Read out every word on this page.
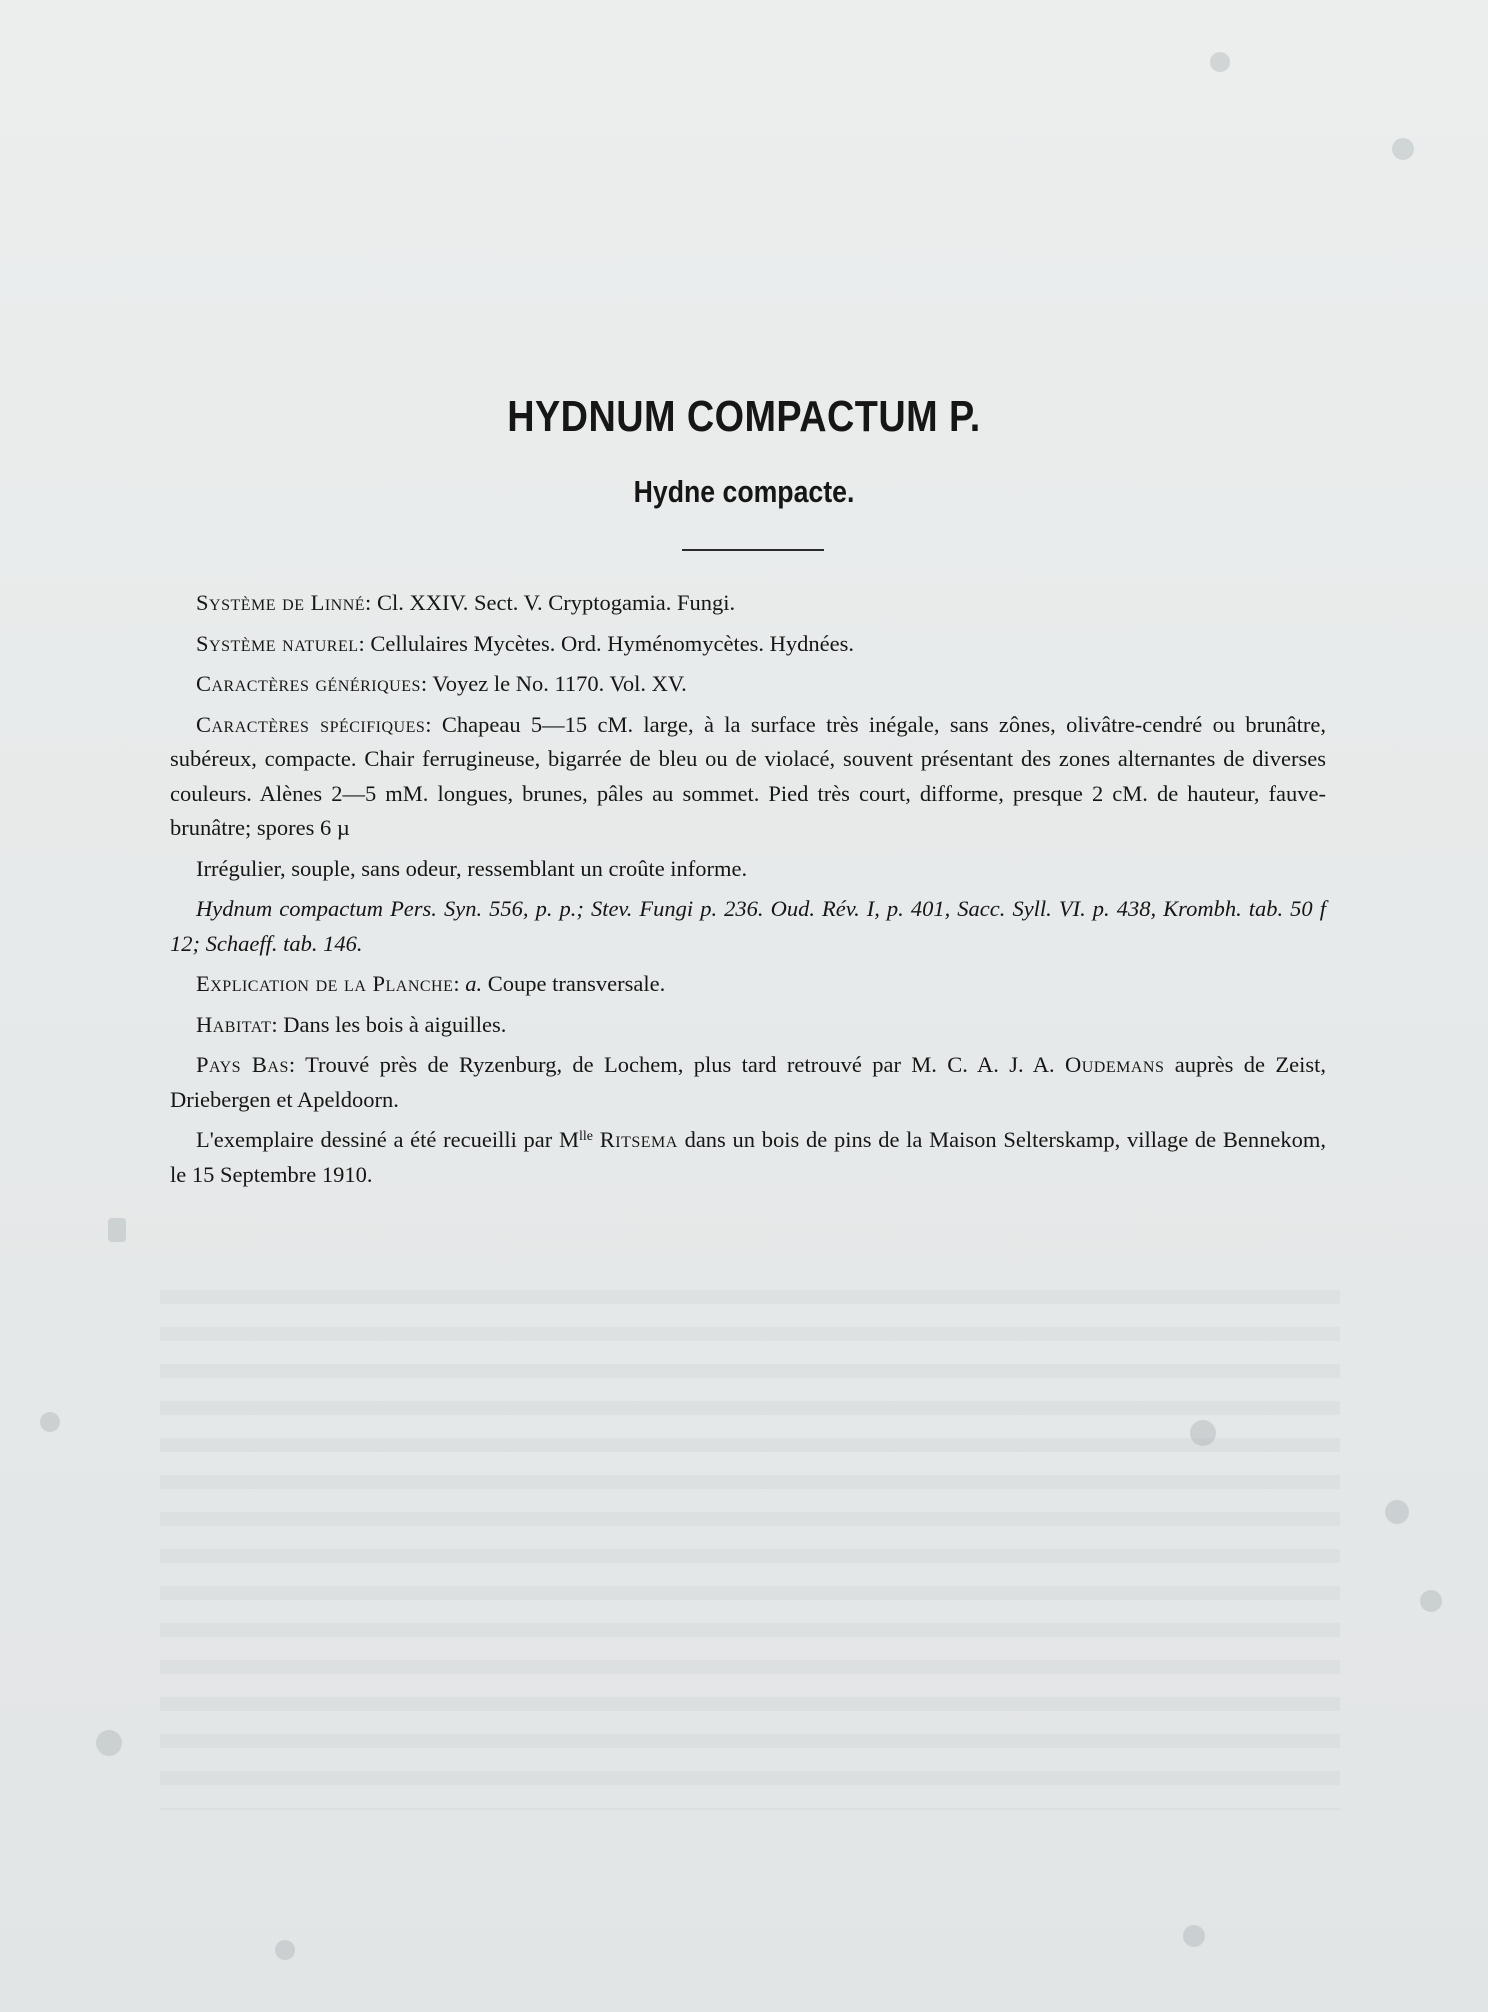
HYDNUM COMPACTUM P.
Hydne compacte.

Système de Linné: Cl. XXIV. Sect. V. Cryptogamia. Fungi.

Système naturel: Cellulaires Mycètes. Ord. Hyménomycètes. Hydnées.

Caractères génériques: Voyez le No. 1170. Vol. XV.

Caractères spécifiques: Chapeau 5—15 cM. large, à la surface très inégale, sans zônes, olivâtre-cendré ou brunâtre, subéreux, compacte. Chair ferrugineuse, bigarrée de bleu ou de violacé, souvent présentant des zones alternantes de diverses couleurs. Alènes 2—5 mM. longues, brunes, pâles au sommet. Pied très court, difforme, presque 2 cM. de hauteur, fauve-brunâtre; spores 6 µ

Irrégulier, souple, sans odeur, ressemblant un croûte informe.

Hydnum compactum Pers. Syn. 556, p. p.; Stev. Fungi p. 236. Oud. Rév. I, p. 401, Sacc. Syll. VI. p. 438, Krombh. tab. 50 f 12; Schaeff. tab. 146.

Explication de la Planche: a. Coupe transversale.

Habitat: Dans les bois à aiguilles.

Pays Bas: Trouvé près de Ryzenburg, de Lochem, plus tard retrouvé par M. C. A. J. A. Oudemans auprès de Zeist, Driebergen et Apeldoorn.

L'exemplaire dessiné a été recueilli par $M^{lle}$ Ritsema dans un bois de pins de la Maison Selterskamp, village de Bennekom, le 15 Septembre 1910.
